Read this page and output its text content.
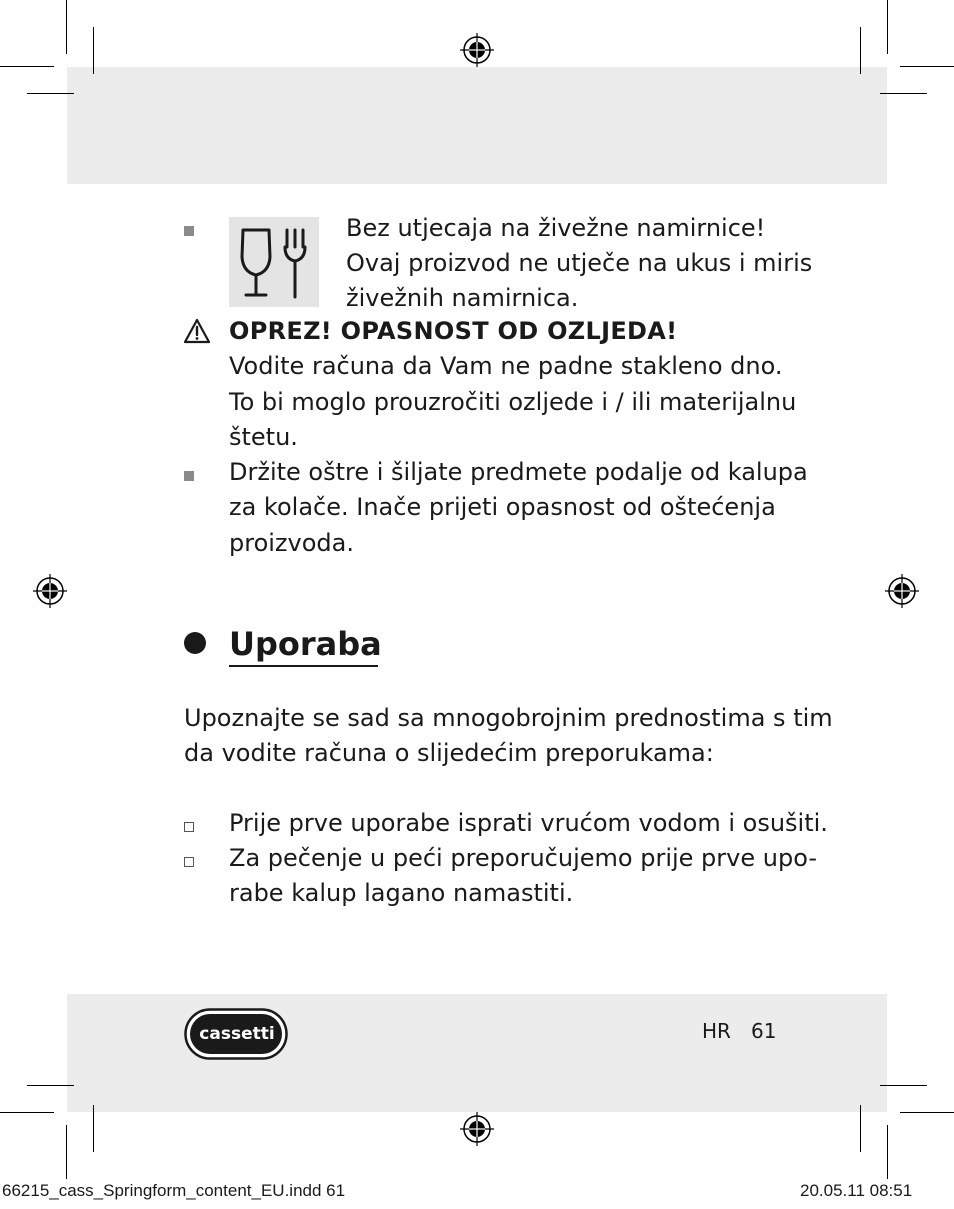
Bez utjecaja na živežne namirnice!
Ovaj proizvod ne utječe na ukus i miris
živežnih namirnica.
OPREZ! OPASNOST OD OZLJEDA!
Vodite računa da Vam ne padne stakleno dno.
To bi moglo prouzročiti ozljede i / ili materijalnu
štetu.
Držite oštre i šiljate predmete podalje od kalupa
za kolače. Inače prijeti opasnost od oštećenja
proizvoda.
Uporaba
Upoznajte se sad sa mnogobrojnim prednostima s tim
da vodite računa o slijedećim preporukama:
Prije prve uporabe isprati vrućom vodom i osušiti.
Za pečenje u peći preporučujemo prije prve upo-
rabe kalup lagano namastiti.
cassetti	HR 61
66215_cass_Springform_content_EU.indd 61	20.05.11 08:51
